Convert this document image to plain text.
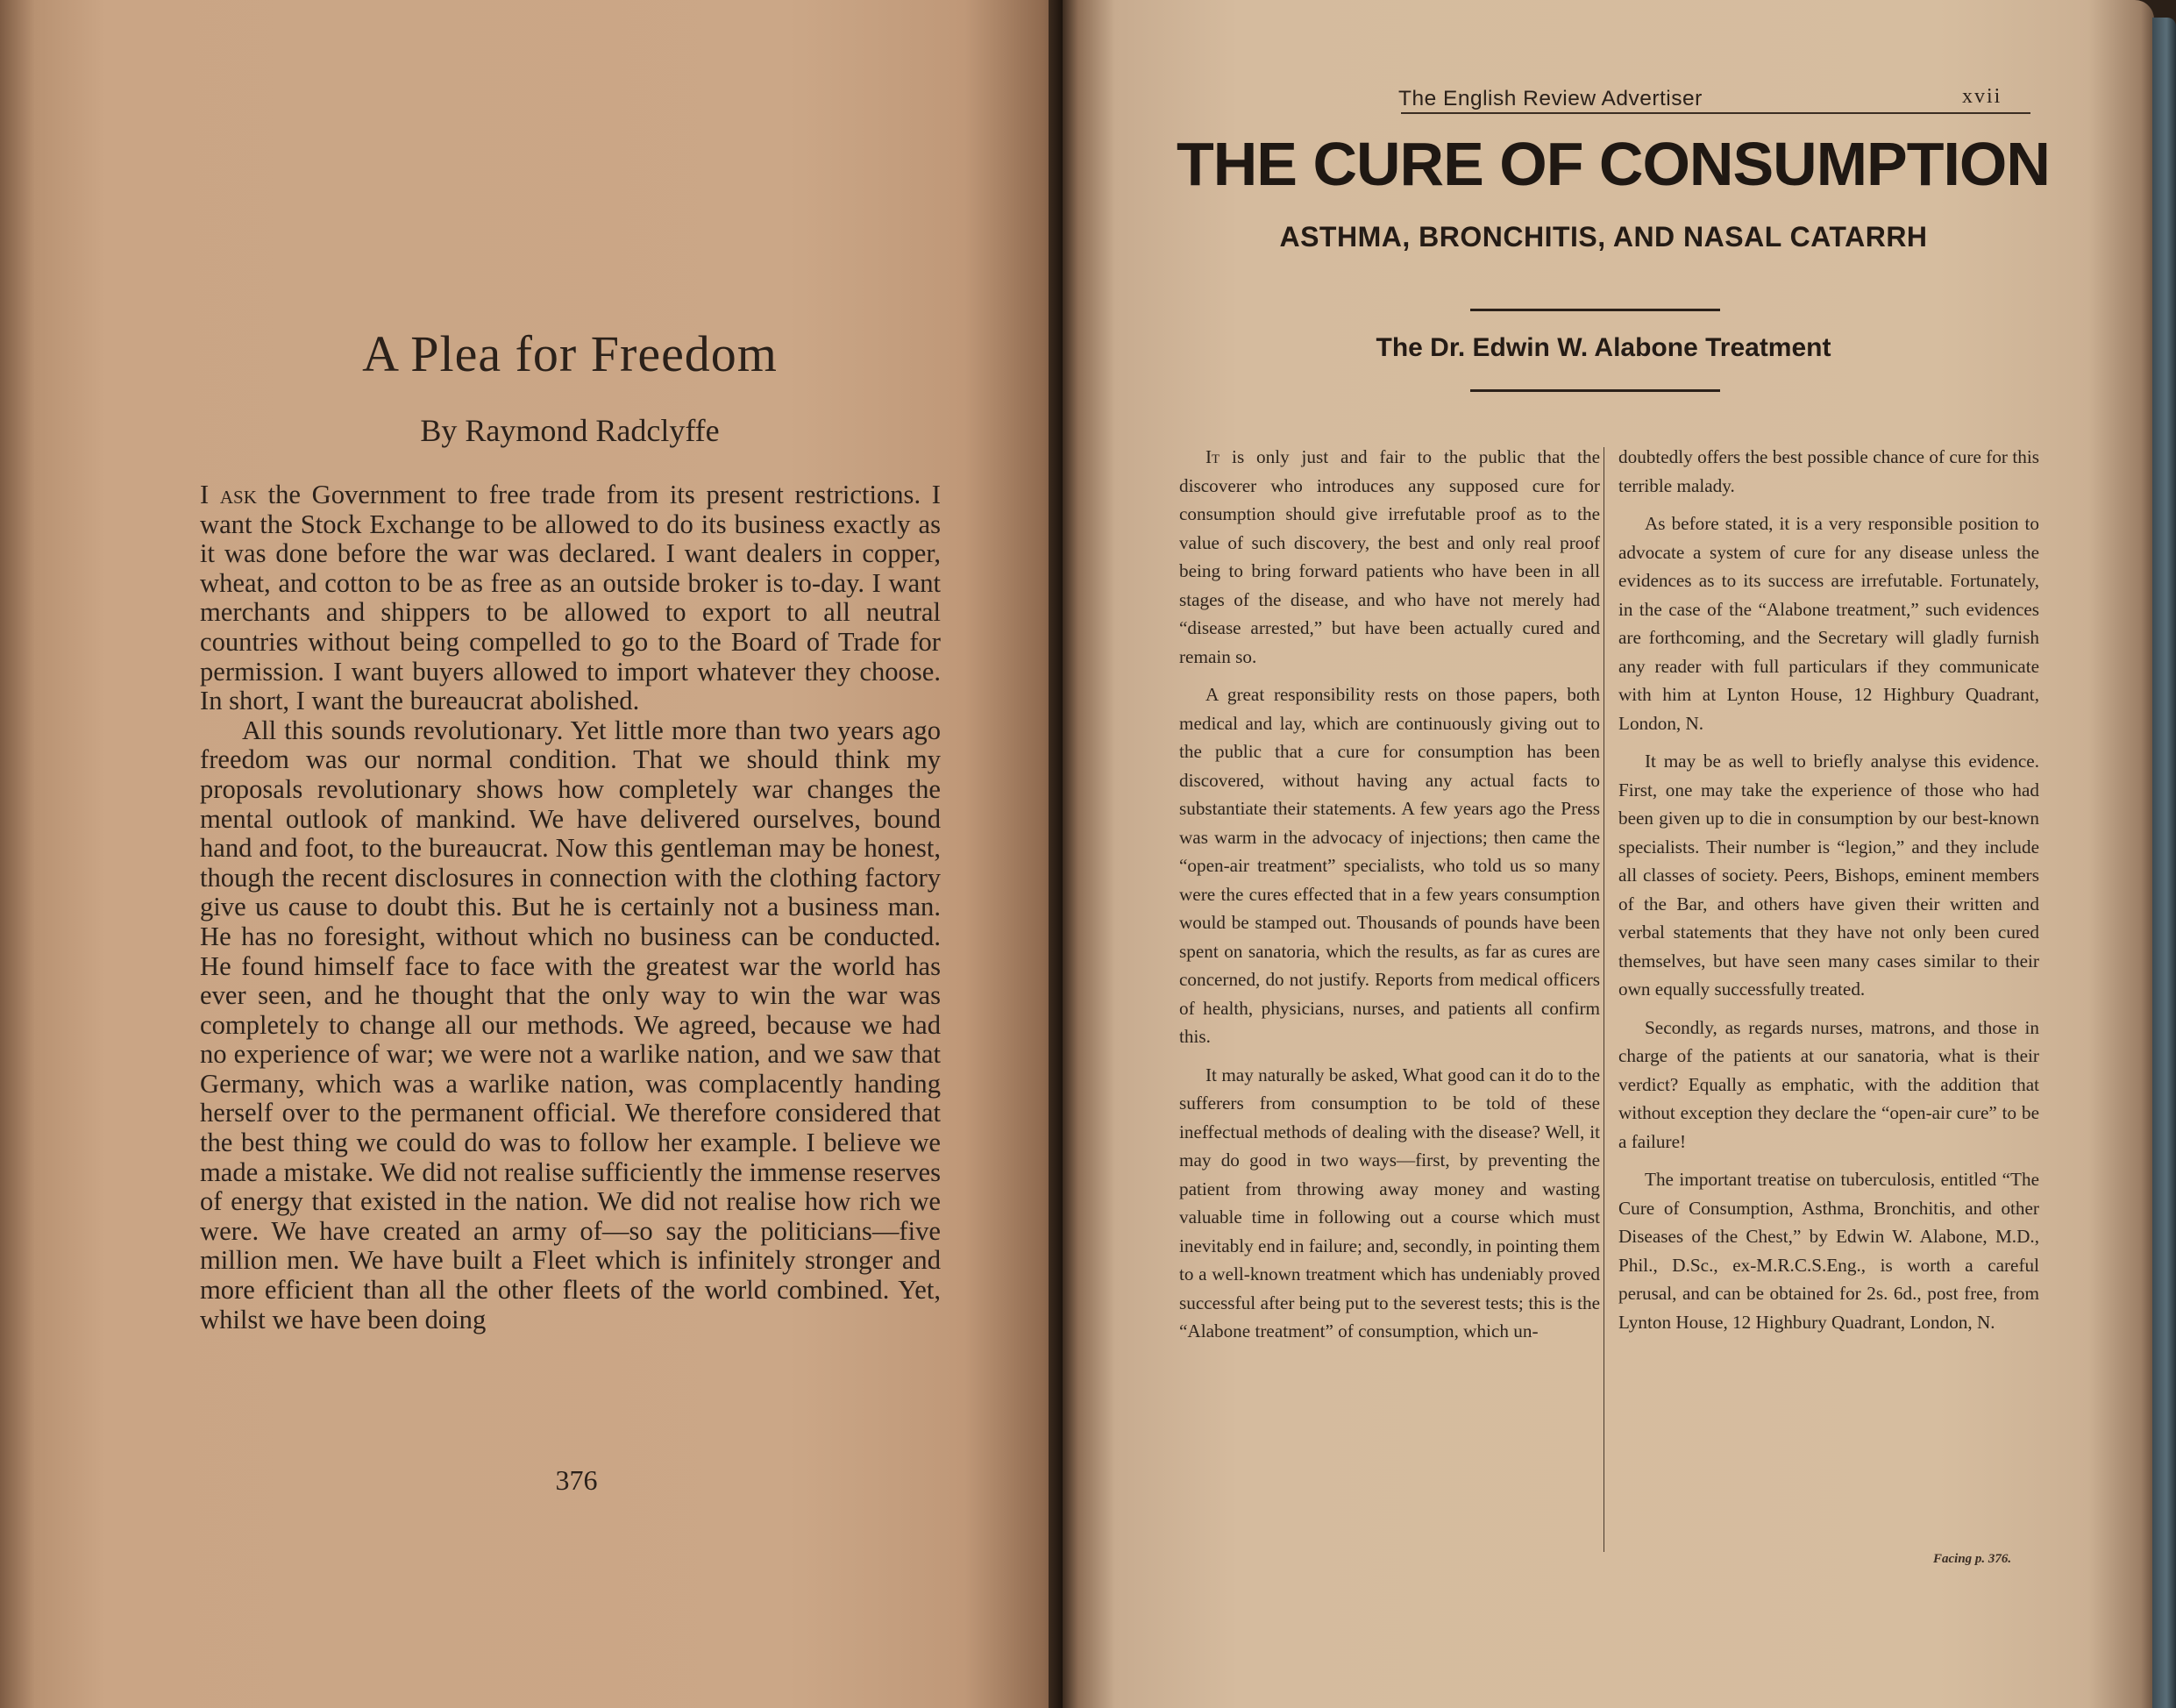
A Plea for Freedom
By Raymond Radclyffe

I ask the Government to free trade from its present restrictions. I want the Stock Exchange to be allowed to do its business exactly as it was done before the war was declared. I want dealers in copper, wheat, and cotton to be as free as an outside broker is to-day. I want merchants and shippers to be allowed to export to all neutral countries without being compelled to go to the Board of Trade for permission. I want buyers allowed to import whatever they choose. In short, I want the bureaucrat abolished.

All this sounds revolutionary. Yet little more than two years ago freedom was our normal condition. That we should think my proposals revolutionary shows how completely war changes the mental outlook of mankind. We have delivered ourselves, bound hand and foot, to the bureaucrat. Now this gentleman may be honest, though the recent disclosures in connection with the clothing factory give us cause to doubt this. But he is certainly not a business man. He has no foresight, without which no business can be conducted. He found himself face to face with the greatest war the world has ever seen, and he thought that the only way to win the war was completely to change all our methods. We agreed, because we had no experience of war; we were not a warlike nation, and we saw that Germany, which was a warlike nation, was complacently handing herself over to the permanent official. We therefore considered that the best thing we could do was to follow her example. I believe we made a mistake. We did not realise sufficiently the immense reserves of energy that existed in the nation. We did not realise how rich we were. We have created an army of—so say the politicians—five million men. We have built a Fleet which is infinitely stronger and more efficient than all the other fleets of the world combined. Yet, whilst we have been doing

376
The English Review Advertiser	xvii
THE CURE OF CONSUMPTION
ASTHMA, BRONCHITIS, AND NASAL CATARRH
The Dr. Edwin W. Alabone Treatment

It is only just and fair to the public that the discoverer who introduces any supposed cure for consumption should give irrefutable proof as to the value of such discovery, the best and only real proof being to bring forward patients who have been in all stages of the disease, and who have not merely had “disease arrested,” but have been actually cured and remain so.

A great responsibility rests on those papers, both medical and lay, which are continuously giving out to the public that a cure for consumption has been discovered, without having any actual facts to substantiate their statements. A few years ago the Press was warm in the advocacy of injections; then came the “open-air treatment” specialists, who told us so many were the cures effected that in a few years consumption would be stamped out. Thousands of pounds have been spent on sanatoria, which the results, as far as cures are concerned, do not justify. Reports from medical officers of health, physicians, nurses, and patients all confirm this.

It may naturally be asked, What good can it do to the sufferers from consumption to be told of these ineffectual methods of dealing with the disease? Well, it may do good in two ways—first, by preventing the patient from throwing away money and wasting valuable time in following out a course which must inevitably end in failure; and, secondly, in pointing them to a well-known treatment which has undeniably proved successful after being put to the severest tests; this is the “Alabone treatment” of consumption, which un-

doubtedly offers the best possible chance of cure for this terrible malady.

As before stated, it is a very responsible position to advocate a system of cure for any disease unless the evidences as to its success are irrefutable. Fortunately, in the case of the “Alabone treatment,” such evidences are forthcoming, and the Secretary will gladly furnish any reader with full particulars if they communicate with him at Lynton House, 12 Highbury Quadrant, London, N.

It may be as well to briefly analyse this evidence. First, one may take the experience of those who had been given up to die in consumption by our best-known specialists. Their number is “legion,” and they include all classes of society. Peers, Bishops, eminent members of the Bar, and others have given their written and verbal statements that they have not only been cured themselves, but have seen many cases similar to their own equally successfully treated.

Secondly, as regards nurses, matrons, and those in charge of the patients at our sanatoria, what is their verdict? Equally as emphatic, with the addition that without exception they declare the “open-air cure” to be a failure!

The important treatise on tuberculosis, entitled “The Cure of Consumption, Asthma, Bronchitis, and other Diseases of the Chest,” by Edwin W. Alabone, M.D., Phil., D.Sc., ex-M.R.C.S.Eng., is worth a careful perusal, and can be obtained for 2s. 6d., post free, from Lynton House, 12 Highbury Quadrant, London, N.

Facing p. 376.
